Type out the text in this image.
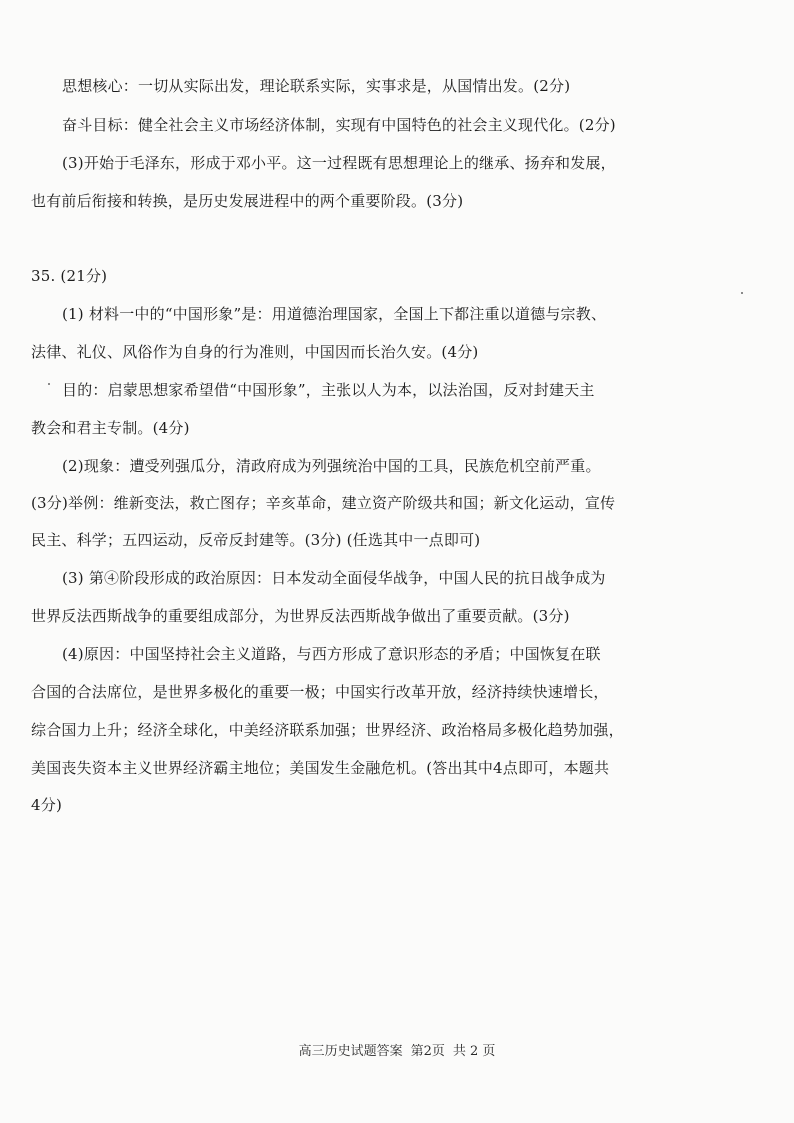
思想核心：一切从实际出发，理论联系实际，实事求是，从国情出发。(2分)
奋斗目标：健全社会主义市场经济体制，实现有中国特色的社会主义现代化。(2分)
(3)开始于毛泽东，形成于邓小平。这一过程既有思想理论上的继承、扬弃和发展，
也有前后衔接和转换，是历史发展进程中的两个重要阶段。(3分)
35. (21分)
(1) 材料一中的“中国形象”是：用道德治理国家，全国上下都注重以道德与宗教、
法律、礼仪、风俗作为自身的行为准则，中国因而长治久安。(4分)
目的：启蒙思想家希望借“中国形象”，主张以人为本，以法治国，反对封建天主
教会和君主专制。(4分)
(2)现象：遭受列强瓜分，清政府成为列强统治中国的工具，民族危机空前严重。
(3分)举例：维新变法，救亡图存；辛亥革命，建立资产阶级共和国；新文化运动，宣传
民主、科学；五四运动，反帝反封建等。(3分) (任选其中一点即可)
(3) 第④阶段形成的政治原因：日本发动全面侵华战争，中国人民的抗日战争成为
世界反法西斯战争的重要组成部分，为世界反法西斯战争做出了重要贡献。(3分)
(4)原因：中国坚持社会主义道路，与西方形成了意识形态的矛盾；中国恢复在联
合国的合法席位，是世界多极化的重要一极；中国实行改革开放，经济持续快速增长，
综合国力上升；经济全球化，中美经济联系加强；世界经济、政治格局多极化趋势加强，
美国丧失资本主义世界经济霸主地位；美国发生金融危机。(答出其中4点即可，本题共
4分)
高三历史试题答案 第2页 共 2 页
